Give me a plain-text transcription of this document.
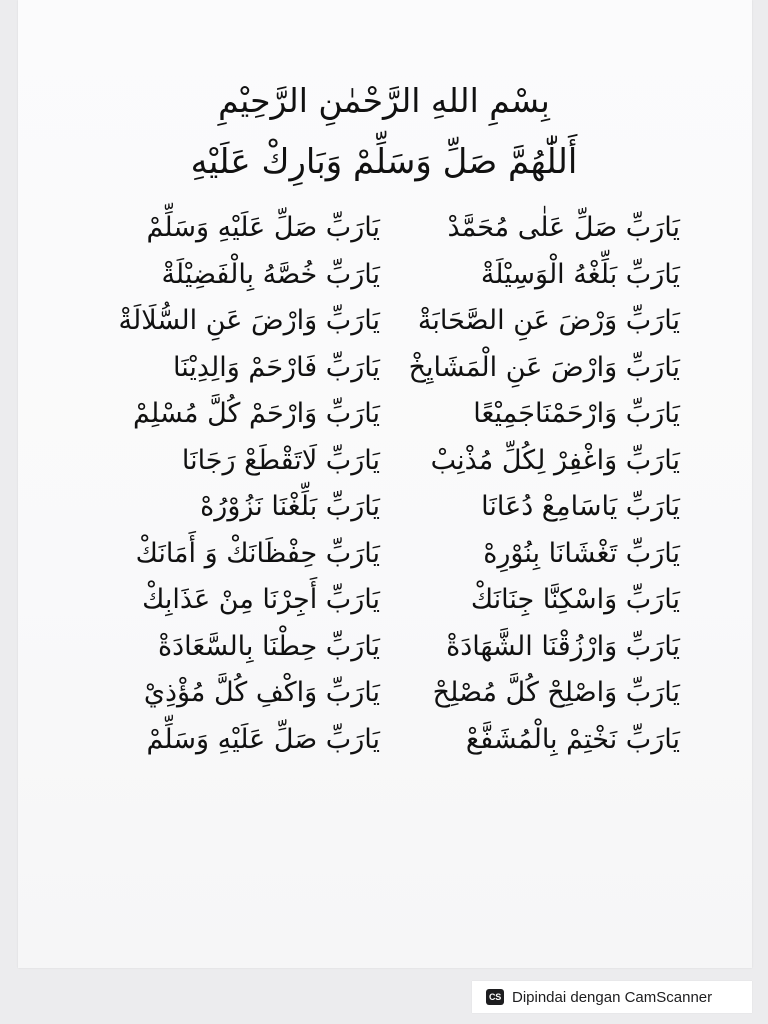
بِسْمِ اللهِ الرَّحْمٰنِ الرَّحِيْمِ
أَللّٰهُمَّ صَلِّ وَسَلِّمْ وَبَارِكْ عَلَيْهِ
يَارَبِّ صَلِّ عَلٰى مُحَمَّدْ
يَارَبِّ صَلِّ عَلَيْهِ وَسَلِّمْ
يَارَبِّ بَلِّغْهُ الْوَسِيْلَةْ
يَارَبِّ خُصَّهُ بِالْفَضِيْلَةْ
يَارَبِّ وَرْضَ عَنِ الصَّحَابَةْ
يَارَبِّ وَارْضَ عَنِ السُّلَالَةْ
يَارَبِّ وَارْضَ عَنِ الْمَشَايِخْ
يَارَبِّ فَارْحَمْ وَالِدِيْنَا
يَارَبِّ وَارْحَمْنَاجَمِيْعًا
يَارَبِّ وَارْحَمْ كُلَّ مُسْلِمْ
يَارَبِّ وَاغْفِرْ لِكُلِّ مُذْنِبْ
يَارَبِّ لَاتَقْطَعْ رَجَانَا
يَارَبِّ يَاسَامِعْ دُعَانَا
يَارَبِّ بَلِّغْنَا نَزُوْرُهْ
يَارَبِّ تَغْشَانَا بِنُوْرِهْ
يَارَبِّ حِفْظَانَكْ وَ أَمَانَكْ
يَارَبِّ وَاسْكِنَّا جِنَانَكْ
يَارَبِّ أَجِرْنَا مِنْ عَذَابِكْ
يَارَبِّ وَارْزُقْنَا الشَّهَادَةْ
يَارَبِّ حِطْنَا بِالسَّعَادَةْ
يَارَبِّ وَاصْلِحْ كُلَّ مُصْلِحْ
يَارَبِّ وَاكْفِ كُلَّ مُؤْذِيْ
يَارَبِّ نَخْتِمْ بِالْمُشَفَّعْ
يَارَبِّ صَلِّ عَلَيْهِ وَسَلِّمْ
CS Dipindai dengan CamScanner
